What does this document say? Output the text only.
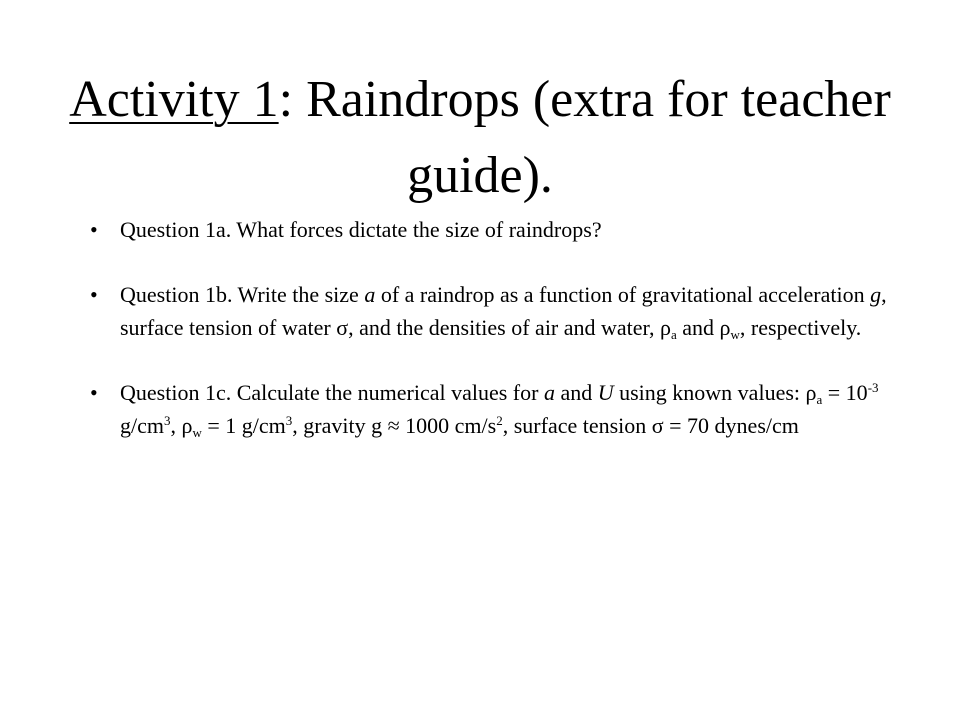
Activity 1: Raindrops (extra for teacher guide).
• Question 1a. What forces dictate the size of raindrops?
• Question 1b. Write the size a of a raindrop as a function of gravitational acceleration g, surface tension of water σ, and the densities of air and water, $\rho_a$ and $\rho_w$, respectively.
• Question 1c. Calculate the numerical values for a and U using known values: $\rho_a = 10^{-3}$ $g/cm^3$, $\rho_w = 1$ $g/cm^3$, gravity g ≈ 1000 $cm/s^2$, surface tension σ = 70 dynes/cm
